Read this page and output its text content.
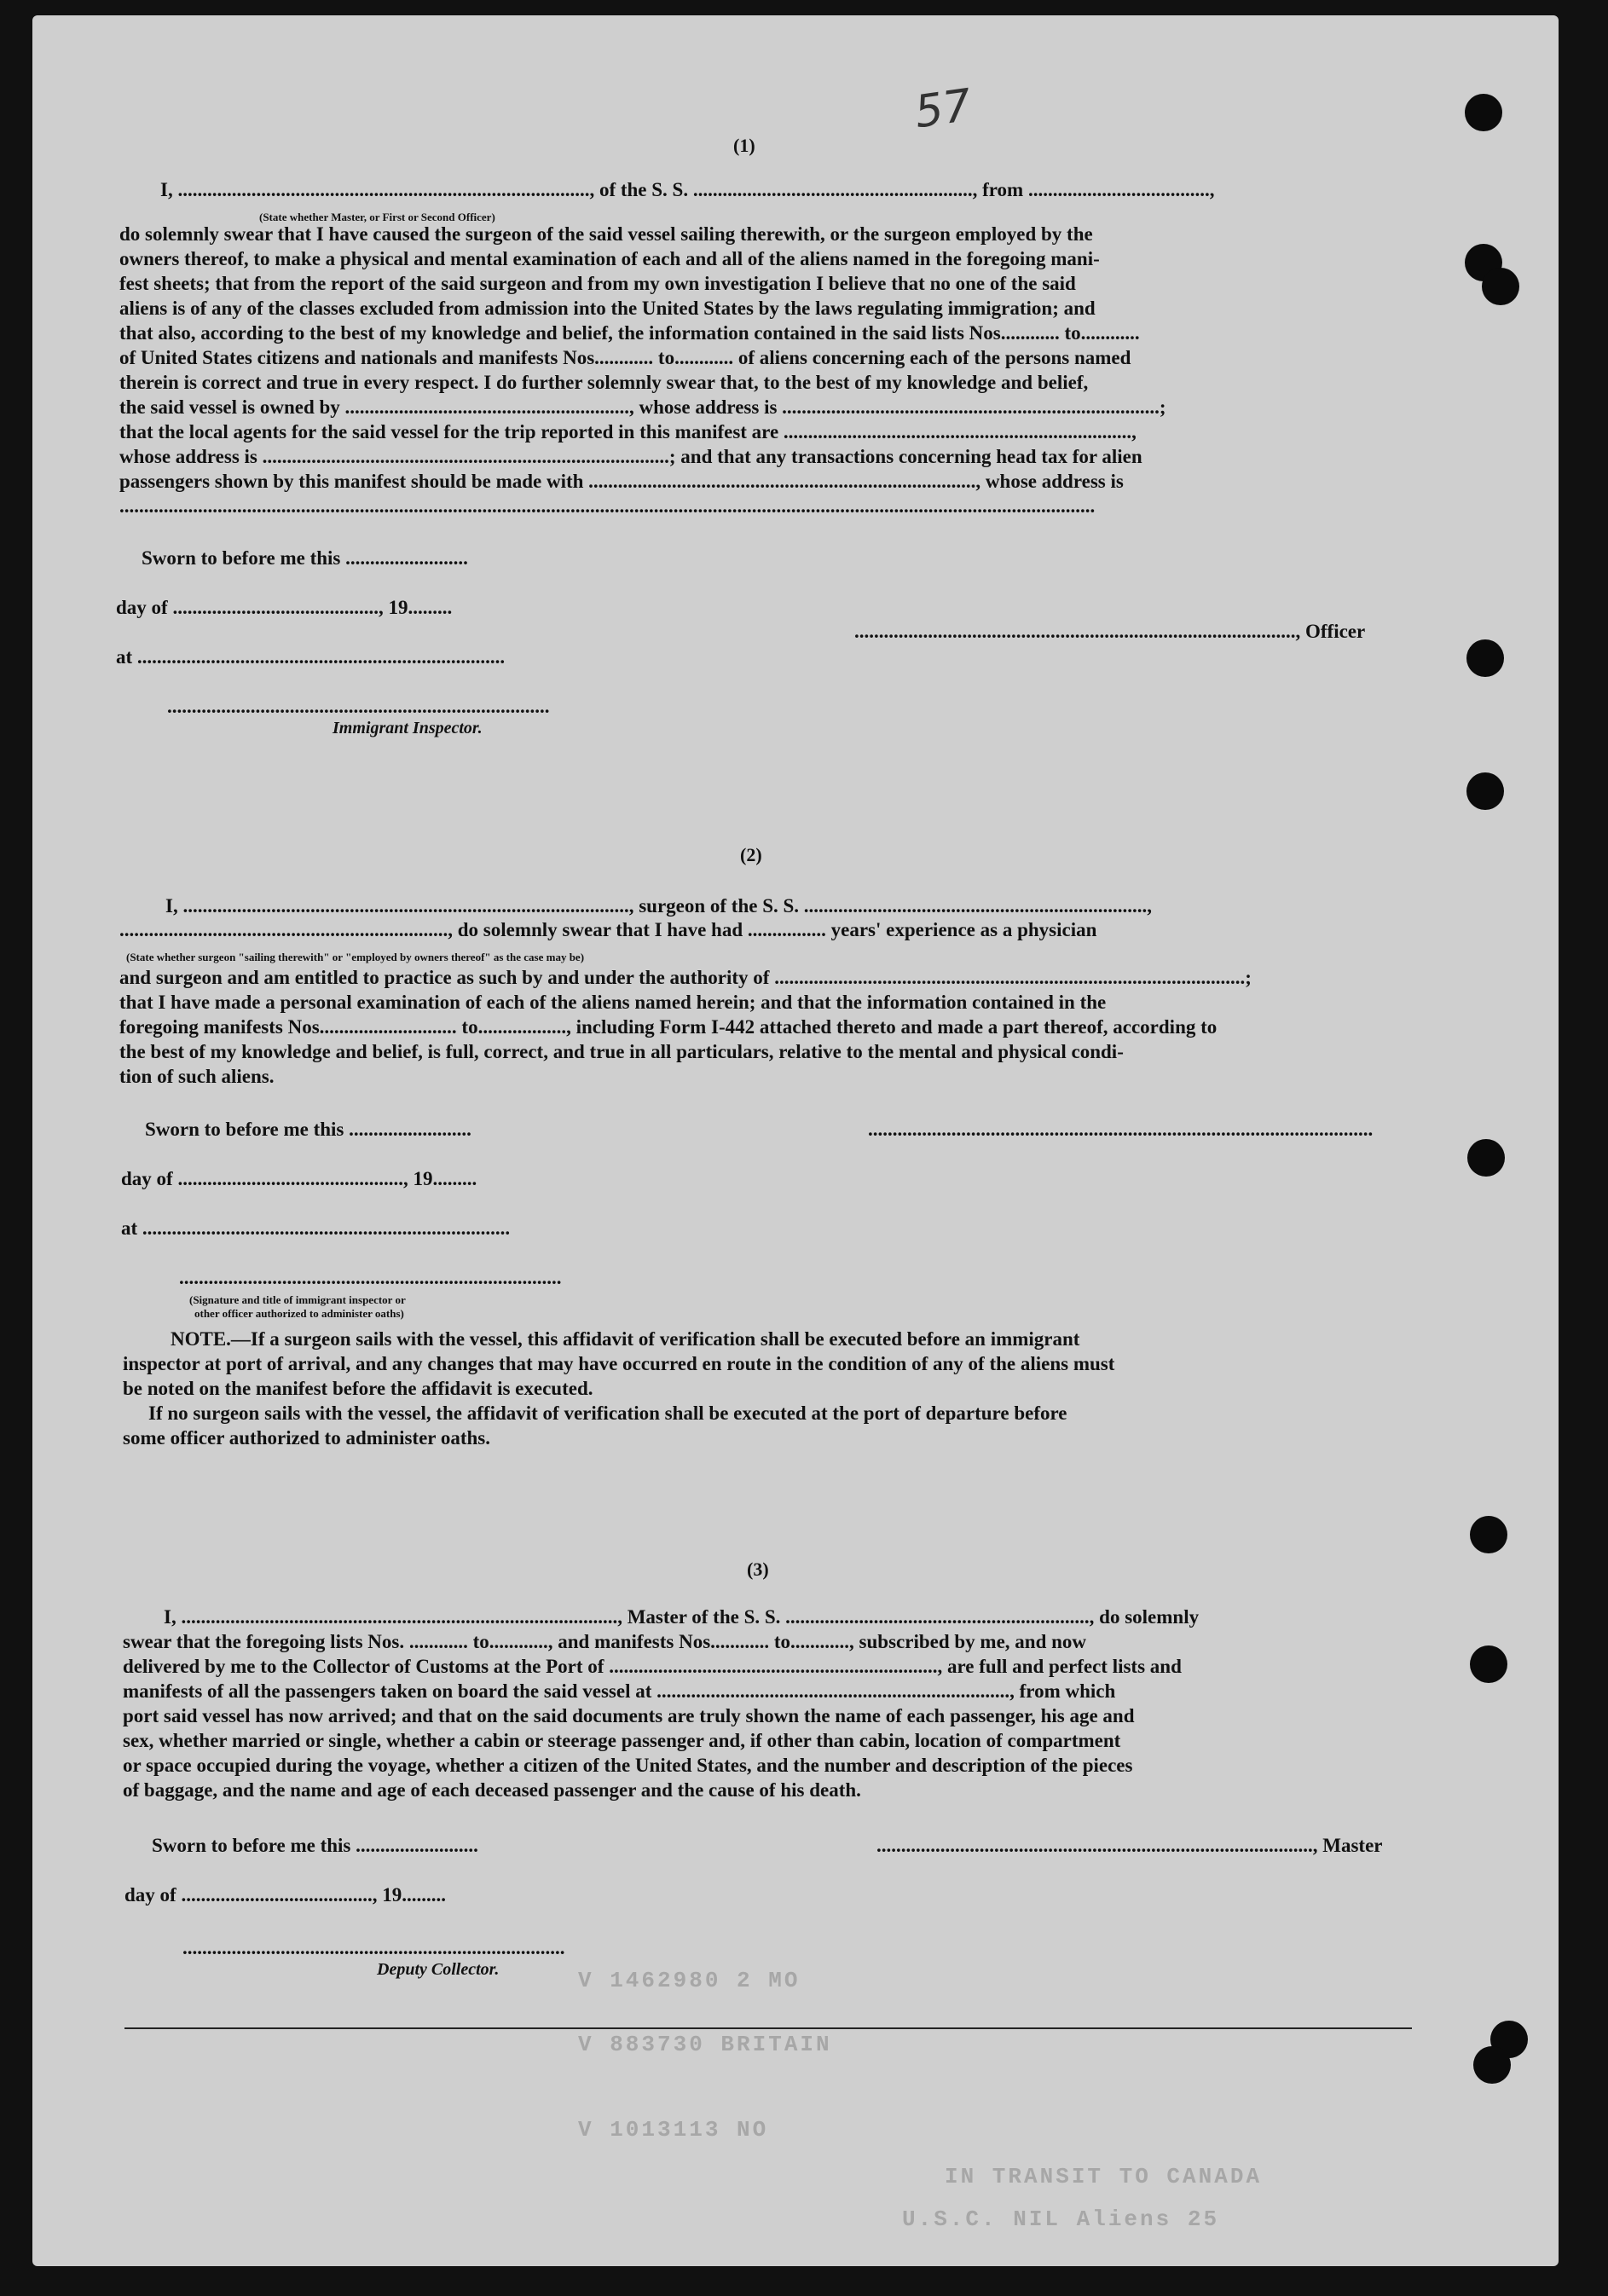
V 1462980 2 MO
V 883730 BRITAIN
V 1013113 NO
IN TRANSIT TO CANADA
U.S.C. NIL Aliens 25
57
(1)
I, ...................................................................................., of the S. S. ........................................................., from .....................................,
(State whether Master, or First or Second Officer)
do solemnly swear that I have caused the surgeon of the said vessel sailing therewith, or the surgeon employed by the
owners thereof, to make a physical and mental examination of each and all of the aliens named in the foregoing mani-
fest sheets; that from the report of the said surgeon and from my own investigation I believe that no one of the said
aliens is of any of the classes excluded from admission into the United States by the laws regulating immigration; and
that also, according to the best of my knowledge and belief, the information contained in the said lists Nos............ to............
of United States citizens and nationals and manifests Nos............ to............ of aliens concerning each of the persons named
therein is correct and true in every respect. I do further solemnly swear that, to the best of my knowledge and belief,
the said vessel is owned by .........................................................., whose address is .............................................................................;
that the local agents for the said vessel for the trip reported in this manifest are .......................................................................,
whose address is ...................................................................................; and that any transactions concerning head tax for alien
passengers shown by this manifest should be made with ..............................................................................., whose address is
.......................................................................................................................................................................................................
Sworn to before me this .........................
day of .........................................., 19.........
.........................................................................................., Officer
at ...........................................................................
..............................................................................
Immigrant Inspector.
(2)
I, ..........................................................................................., surgeon of the S. S. ......................................................................,
..................................................................., do solemnly swear that I have had ................ years' experience as a physician
(State whether surgeon "sailing therewith" or "employed by owners thereof" as the case may be)
and surgeon and am entitled to practice as such by and under the authority of ................................................................................................;
that I have made a personal examination of each of the aliens named herein; and that the information contained in the
foregoing manifests Nos............................ to.................., including Form I-442 attached thereto and made a part thereof, according to
the best of my knowledge and belief, is full, correct, and true in all particulars, relative to the mental and physical condi-
tion of such aliens.
Sworn to before me this .........................	.......................................................................................................
day of .............................................., 19.........
at ...........................................................................
..............................................................................
(Signature and title of immigrant inspector or
other officer authorized to administer oaths)
NOTE.—If a surgeon sails with the vessel, this affidavit of verification shall be executed before an immigrant
inspector at port of arrival, and any changes that may have occurred en route in the condition of any of the aliens must
be noted on the manifest before the affidavit is executed.
If no surgeon sails with the vessel, the affidavit of verification shall be executed at the port of departure before
some officer authorized to administer oaths.
(3)
I, ........................................................................................., Master of the S. S. .............................................................., do solemnly
swear that the foregoing lists Nos. ............ to............, and manifests Nos............ to............, subscribed by me, and now
delivered by me to the Collector of Customs at the Port of ..................................................................., are full and perfect lists and
manifests of all the passengers taken on board the said vessel at ........................................................................, from which
port said vessel has now arrived; and that on the said documents are truly shown the name of each passenger, his age and
sex, whether married or single, whether a cabin or steerage passenger and, if other than cabin, location of compartment
or space occupied during the voyage, whether a citizen of the United States, and the number and description of the pieces
of baggage, and the name and age of each deceased passenger and the cause of his death.
Sworn to before me this .........................	........................................................................................., Master
day of ......................................., 19.........
..............................................................................
Deputy Collector.
